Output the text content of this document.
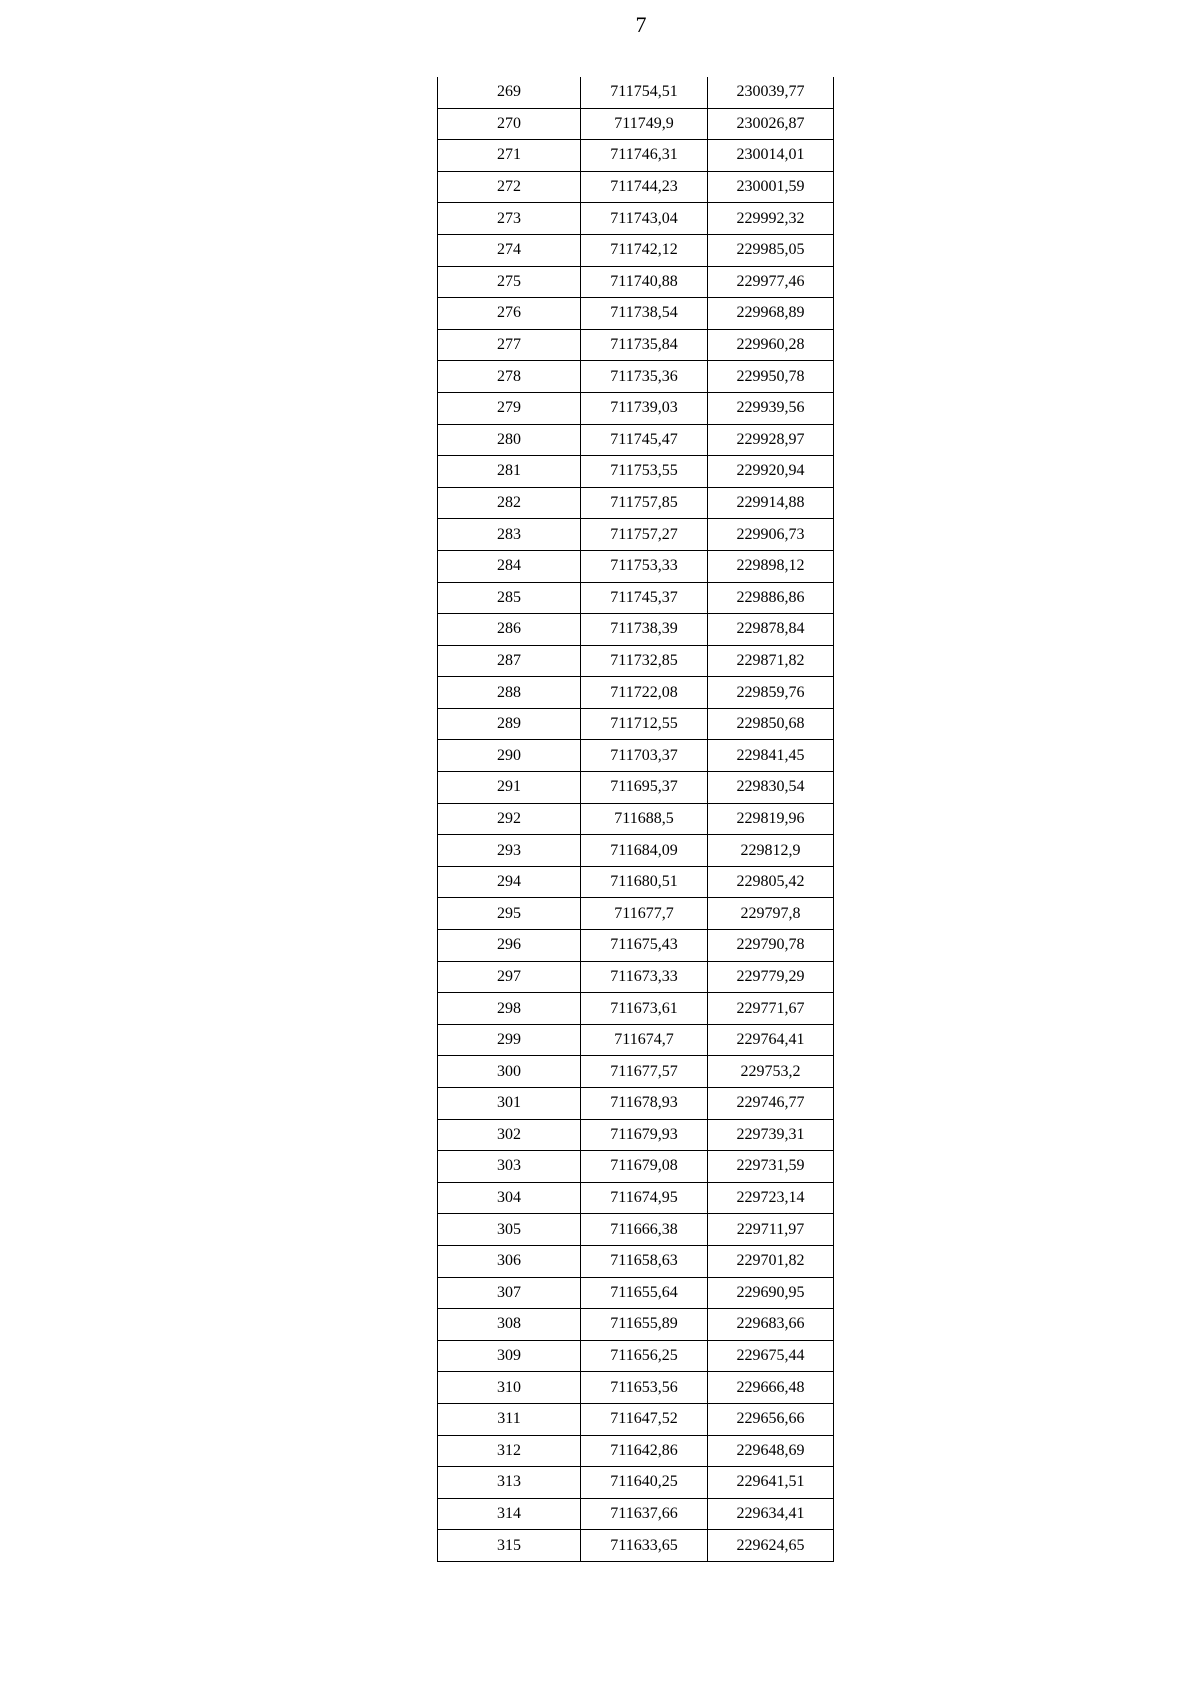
7
269	711754,51	230039,77
270	711749,9	230026,87
271	711746,31	230014,01
272	711744,23	230001,59
273	711743,04	229992,32
274	711742,12	229985,05
275	711740,88	229977,46
276	711738,54	229968,89
277	711735,84	229960,28
278	711735,36	229950,78
279	711739,03	229939,56
280	711745,47	229928,97
281	711753,55	229920,94
282	711757,85	229914,88
283	711757,27	229906,73
284	711753,33	229898,12
285	711745,37	229886,86
286	711738,39	229878,84
287	711732,85	229871,82
288	711722,08	229859,76
289	711712,55	229850,68
290	711703,37	229841,45
291	711695,37	229830,54
292	711688,5	229819,96
293	711684,09	229812,9
294	711680,51	229805,42
295	711677,7	229797,8
296	711675,43	229790,78
297	711673,33	229779,29
298	711673,61	229771,67
299	711674,7	229764,41
300	711677,57	229753,2
301	711678,93	229746,77
302	711679,93	229739,31
303	711679,08	229731,59
304	711674,95	229723,14
305	711666,38	229711,97
306	711658,63	229701,82
307	711655,64	229690,95
308	711655,89	229683,66
309	711656,25	229675,44
310	711653,56	229666,48
311	711647,52	229656,66
312	711642,86	229648,69
313	711640,25	229641,51
314	711637,66	229634,41
315	711633,65	229624,65
